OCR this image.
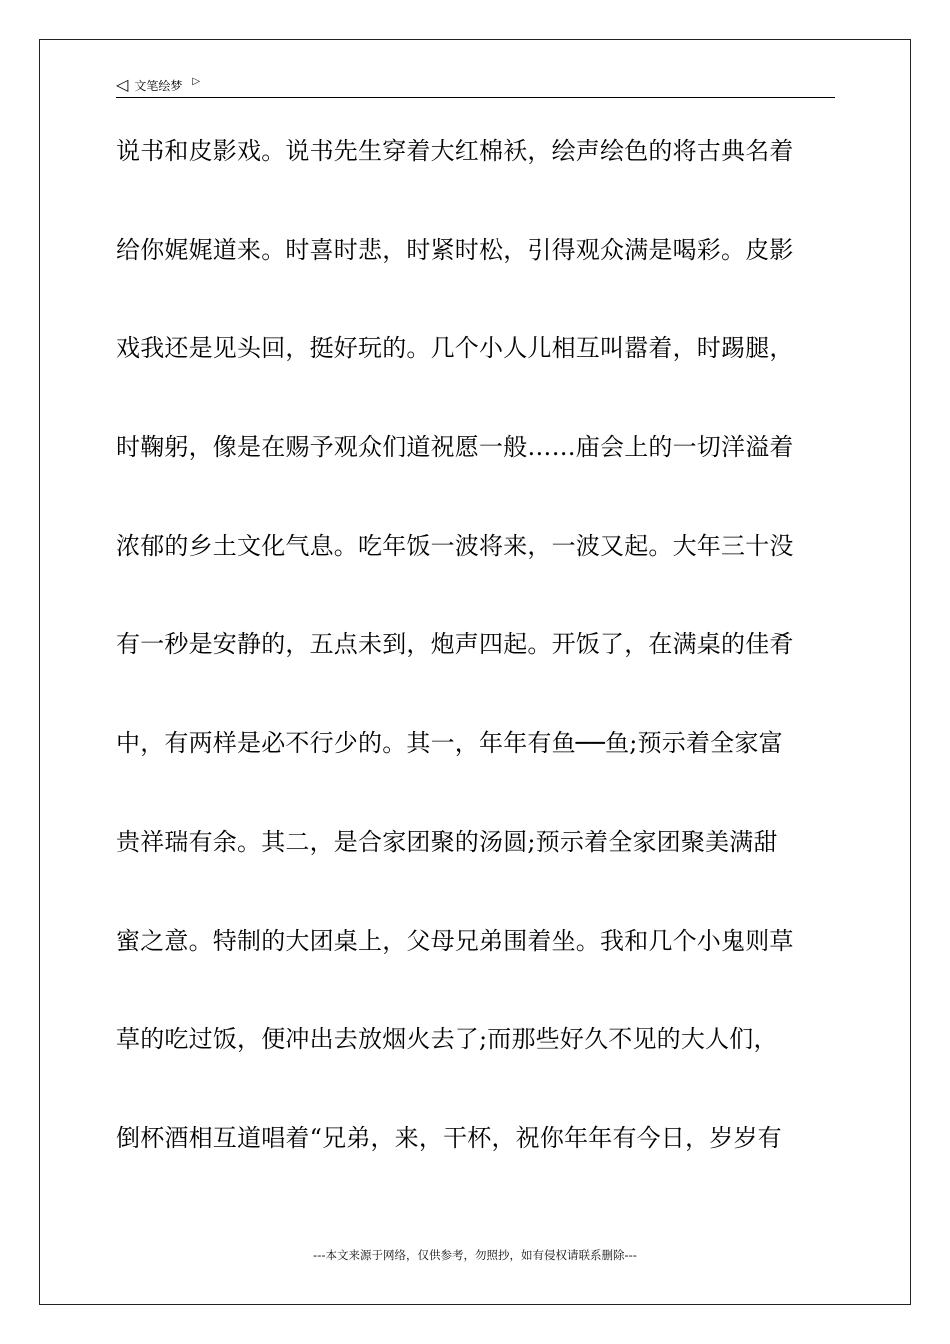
◁ 文笔绘梦 ▷
说书和皮影戏。说书先生穿着大红棉袄，绘声绘色的将古典名着
给你娓娓道来。时喜时悲，时紧时松，引得观众满是喝彩。皮影
戏我还是见头回，挺好玩的。几个小人儿相互叫嚣着，时踢腿，
时鞠躬，像是在赐予观众们道祝愿一般……庙会上的一切洋溢着
浓郁的乡土文化气息。吃年饭一波将来，一波又起。大年三十没
有一秒是安静的，五点未到，炮声四起。开饭了，在满桌的佳肴
中，有两样是必不行少的。其一，年年有鱼──鱼;预示着全家富
贵祥瑞有余。其二，是合家团聚的汤圆;预示着全家团聚美满甜
蜜之意。特制的大团桌上，父母兄弟围着坐。我和几个小鬼则草
草的吃过饭，便冲出去放烟火去了;而那些好久不见的大人们，
倒杯酒相互道唱着“兄弟，来，干杯，祝你年年有今日，岁岁有
---本文来源于网络，仅供参考，勿照抄，如有侵权请联系删除---
